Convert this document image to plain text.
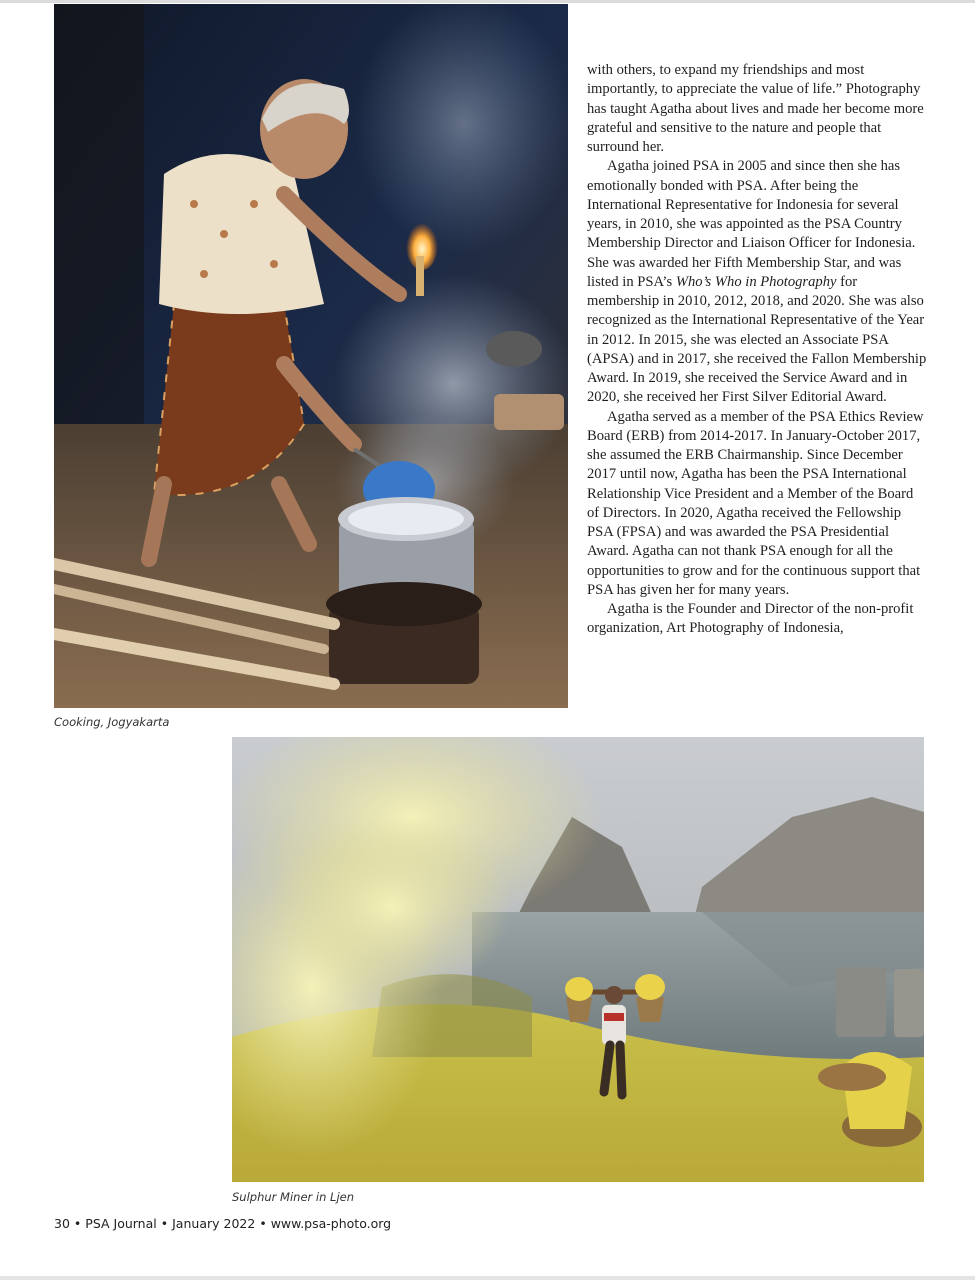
Cooking, Jogyakarta

with others, to expand my friendships and most importantly, to appreciate the value of life.” Photography has taught Agatha about lives and made her become more grateful and sensitive to the nature and people that surround her.

Agatha joined PSA in 2005 and since then she has emotionally bonded with PSA. After being the International Representative for Indonesia for several years, in 2010, she was appointed as the PSA Country Membership Director and Liaison Officer for Indonesia. She was awarded her Fifth Membership Star, and was listed in PSA’s Who’s Who in Photography for membership in 2010, 2012, 2018, and 2020. She was also recognized as the International Representative of the Year in 2012. In 2015, she was elected an Associate PSA (APSA) and in 2017, she received the Fallon Membership Award. In 2019, she received the Service Award and in 2020, she received her First Silver Editorial Award.

Agatha served as a member of the PSA Ethics Review Board (ERB) from 2014-2017. In January-October 2017, she assumed the ERB Chairmanship. Since December 2017 until now, Agatha has been the PSA International Relationship Vice President and a Member of the Board of Directors. In 2020, Agatha received the Fellowship PSA (FPSA) and was awarded the PSA Presidential Award. Agatha can not thank PSA enough for all the opportunities to grow and for the continuous support that PSA has given her for many years.

Agatha is the Founder and Director of the non-profit organization, Art Photography of Indonesia,

Sulphur Miner in Ljen
30 • PSA Journal • January 2022 • www.psa-photo.org
